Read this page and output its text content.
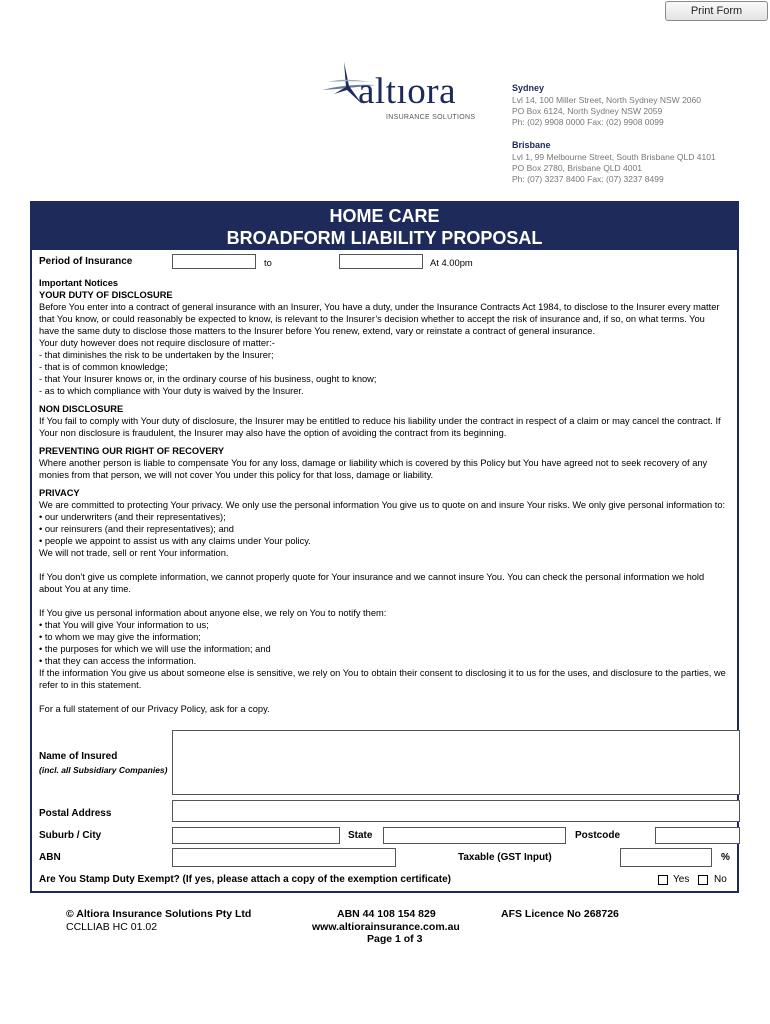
Print Form
altıora
INSURANCE SOLUTIONS
Sydney
Lvl 14, 100 Miller Street, North Sydney NSW 2060
PO Box 6124, North Sydney NSW 2059
Ph: (02) 9908 0000 Fax: (02) 9908 0099
Brisbane
Lvl 1, 99 Melbourne Street, South Brisbane QLD 4101
PO Box 2780, Brisbane QLD 4001
Ph: (07) 3237 8400 Fax: (07) 3237 8499
HOME CARE
BROADFORM LIABILITY PROPOSAL
Period of Insurance	to	At 4.00pm
Important Notices
YOUR DUTY OF DISCLOSURE
Before You enter into a contract of general insurance with an Insurer, You have a duty, under the Insurance Contracts Act 1984, to disclose to the Insurer every matter
that You know, or could reasonably be expected to know, is relevant to the Insurer’s decision whether to accept the risk of insurance and, if so, on what terms. You
have the same duty to disclose those matters to the Insurer before You renew, extend, vary or reinstate a contract of general insurance.
Your duty however does not require disclosure of matter:-
- that diminishes the risk to be undertaken by the Insurer;
- that is of common knowledge;
- that Your Insurer knows or, in the ordinary course of his business, ought to know;
- as to which compliance with Your duty is waived by the Insurer.
NON DISCLOSURE
If You fail to comply with Your duty of disclosure, the Insurer may be entitled to reduce his liability under the contract in respect of a claim or may cancel the contract. If
Your non disclosure is fraudulent, the Insurer may also have the option of avoiding the contract from its beginning.
PREVENTING OUR RIGHT OF RECOVERY
Where another person is liable to compensate You for any loss, damage or liability which is covered by this Policy but You have agreed not to seek recovery of any
monies from that person, we will not cover You under this policy for that loss, damage or liability.
PRIVACY
We are committed to protecting Your privacy. We only use the personal information You give us to quote on and insure Your risks. We only give personal information to:
• our underwriters (and their representatives);
• our reinsurers (and their representatives); and
• people we appoint to assist us with any claims under Your policy.
We will not trade, sell or rent Your information.
If You don’t give us complete information, we cannot properly quote for Your insurance and we cannot insure You. You can check the personal information we hold
about You at any time.
If You give us personal information about anyone else, we rely on You to notify them:
• that You will give Your information to us;
• to whom we may give the information;
• the purposes for which we will use the information; and
• that they can access the information.
If the information You give us about someone else is sensitive, we rely on You to obtain their consent to disclosing it to us for the uses, and disclosure to the parties, we
refer to in this statement.
For a full statement of our Privacy Policy, ask for a copy.
Name of Insured
(incl. all Subsidiary Companies)
Postal Address
Suburb / City	State	Postcode
ABN	Taxable (GST Input)	%
Are You Stamp Duty Exempt? (If yes, please attach a copy of the exemption certificate)	Yes No
© Altiora Insurance Solutions Pty Ltd
CCLLIAB HC 01.02
ABN 44 108 154 829
www.altiorainsurance.com.au
Page 1 of 3
AFS Licence No 268726
